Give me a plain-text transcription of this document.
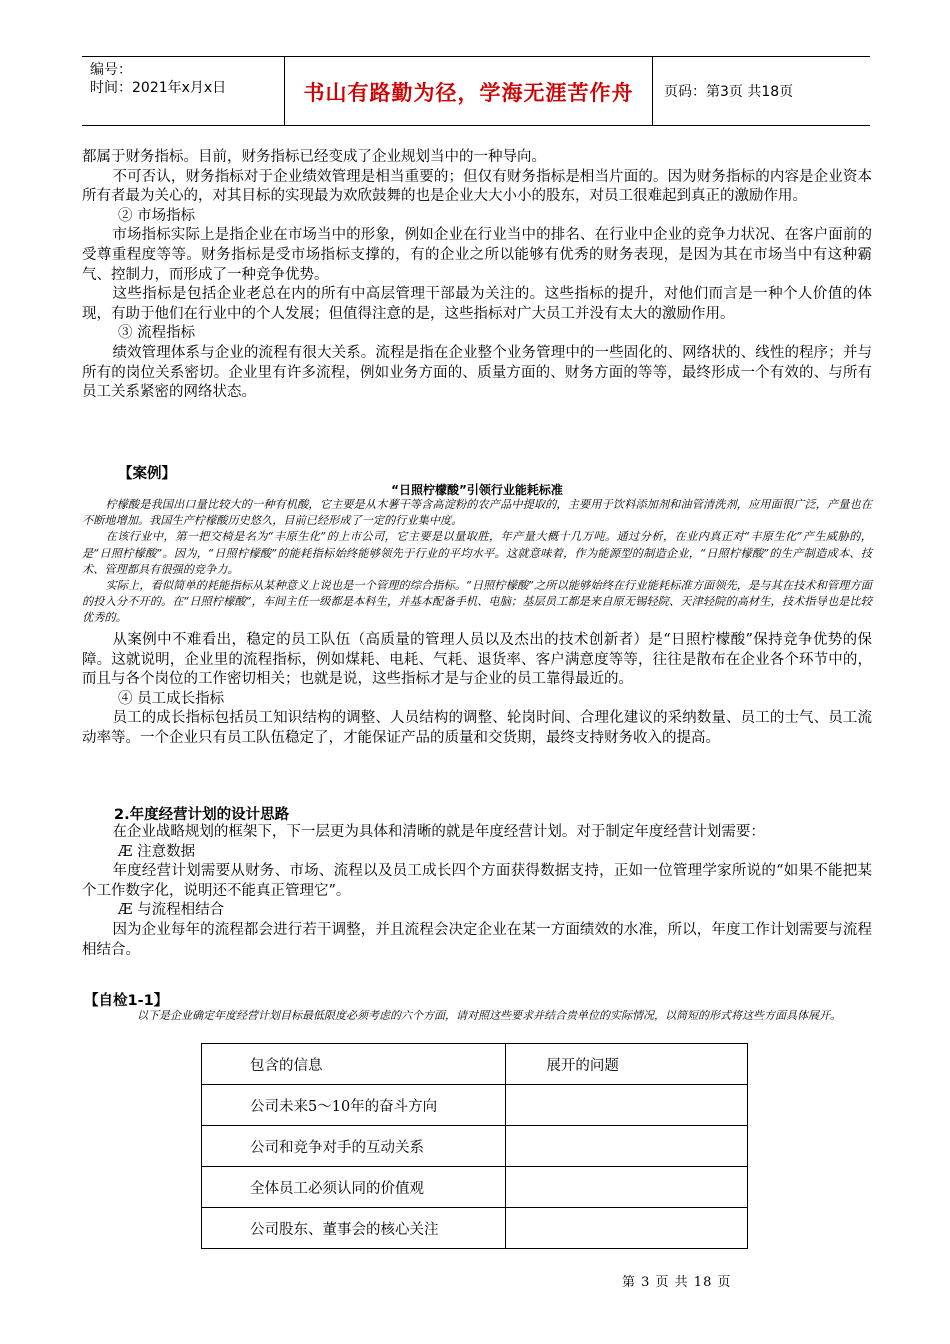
编号：
时间：2021年x月x日	书山有路勤为径，学海无涯苦作舟	页码：第3页 共18页

都属于财务指标。目前，财务指标已经变成了企业规划当中的一种导向。

不可否认，财务指标对于企业绩效管理是相当重要的；但仅有财务指标是相当片面的。因为财务指标的内容是企业资本所有者最为关心的，对其目标的实现最为欢欣鼓舞的也是企业大大小小的股东，对员工很难起到真正的激励作用。

② 市场指标

市场指标实际上是指企业在市场当中的形象，例如企业在行业当中的排名、在行业中企业的竞争力状况、在客户面前的受尊重程度等等。财务指标是受市场指标支撑的，有的企业之所以能够有优秀的财务表现，是因为其在市场当中有这种霸气、控制力，而形成了一种竞争优势。

这些指标是包括企业老总在内的所有中高层管理干部最为关注的。这些指标的提升，对他们而言是一种个人价值的体现，有助于他们在行业中的个人发展；但值得注意的是，这些指标对广大员工并没有太大的激励作用。

③ 流程指标

绩效管理体系与企业的流程有很大关系。流程是指在企业整个业务管理中的一些固化的、网络状的、线性的程序；并与所有的岗位关系密切。企业里有许多流程，例如业务方面的、质量方面的、财务方面的等等，最终形成一个有效的、与所有员工关系紧密的网络状态。

【案例】
“日照柠檬酸”引领行业能耗标准

柠檬酸是我国出口量比较大的一种有机酸，它主要是从木薯干等含高淀粉的农产品中提取的，主要用于饮料添加剂和油管清洗剂，应用面很广泛，产量也在不断地增加。我国生产柠檬酸历史悠久，目前已经形成了一定的行业集中度。

在该行业中，第一把交椅是名为“丰原生化”的上市公司，它主要是以量取胜，年产量大概十几万吨。通过分析，在业内真正对“丰原生化”产生威胁的，是“日照柠檬酸”。因为，“日照柠檬酸”的能耗指标始终能够领先于行业的平均水平。这就意味着，作为能源型的制造企业，“日照柠檬酸”的生产制造成本、技术、管理都具有很强的竞争力。

实际上，看似简单的耗能指标从某种意义上说也是一个管理的综合指标。“日照柠檬酸”之所以能够始终在行业能耗标准方面领先，是与其在技术和管理方面的投入分不开的。在“日照柠檬酸”，车间主任一级都是本科生，并基本配备手机、电脑；基层员工都是来自原无锡轻院、天津轻院的高材生，技术指导也是比较优秀的。

从案例中不难看出，稳定的员工队伍（高质量的管理人员以及杰出的技术创新者）是“日照柠檬酸”保持竞争优势的保障。这就说明，企业里的流程指标，例如煤耗、电耗、气耗、退货率、客户满意度等等，往往是散布在企业各个环节中的，而且与各个岗位的工作密切相关；也就是说，这些指标才是与企业的员工靠得最近的。

④ 员工成长指标

员工的成长指标包括员工知识结构的调整、人员结构的调整、轮岗时间、合理化建议的采纳数量、员工的士气、员工流动率等。一个企业只有员工队伍稳定了，才能保证产品的质量和交货期，最终支持财务收入的提高。

2.年度经营计划的设计思路

在企业战略规划的框架下，下一层更为具体和清晰的就是年度经营计划。对于制定年度经营计划需要：

Æ 注意数据

年度经营计划需要从财务、市场、流程以及员工成长四个方面获得数据支持，正如一位管理学家所说的“如果不能把某个工作数字化，说明还不能真正管理它”。

Æ 与流程相结合

因为企业每年的流程都会进行若干调整，并且流程会决定企业在某一方面绩效的水准，所以，年度工作计划需要与流程相结合。

【自检1-1】

以下是企业确定年度经营计划目标最低限度必须考虑的六个方面，请对照这些要求并结合贵单位的实际情况，以简短的形式将这些方面具体展开。

包含的信息	展开的问题
公司未来5～10年的奋斗方向	
公司和竞争对手的互动关系	
全体员工必须认同的价值观	
公司股东、董事会的核心关注	
第 3 页 共 18 页
